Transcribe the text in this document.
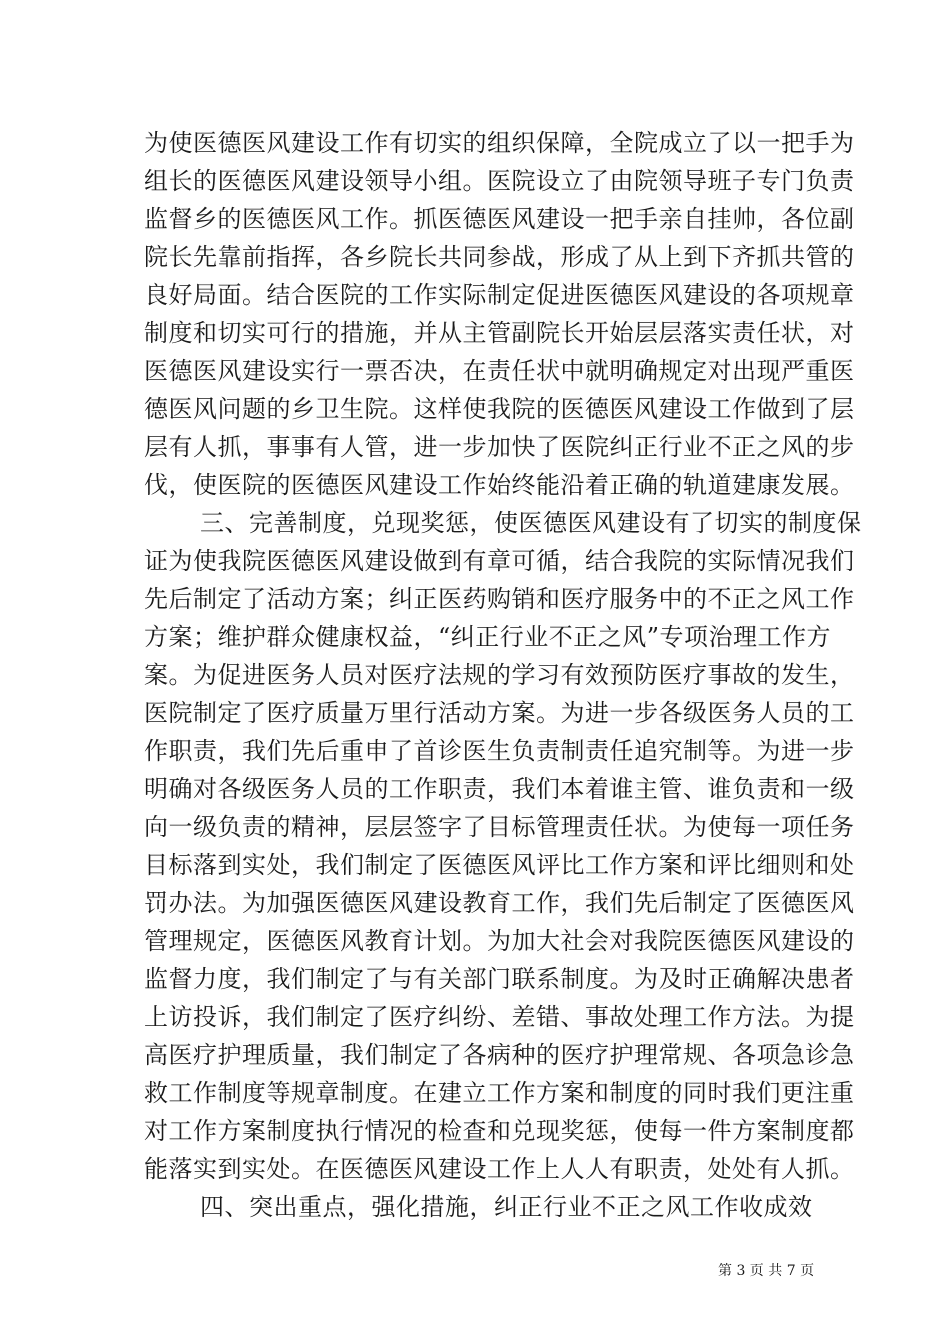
为使医德医风建设工作有切实的组织保障，全院成立了以一把手为
组长的医德医风建设领导小组。医院设立了由院领导班子专门负责
监督乡的医德医风工作。抓医德医风建设一把手亲自挂帅，各位副
院长先靠前指挥，各乡院长共同参战，形成了从上到下齐抓共管的
良好局面。结合医院的工作实际制定促进医德医风建设的各项规章
制度和切实可行的措施，并从主管副院长开始层层落实责任状，对
医德医风建设实行一票否决，在责任状中就明确规定对出现严重医
德医风问题的乡卫生院。这样使我院的医德医风建设工作做到了层
层有人抓，事事有人管，进一步加快了医院纠正行业不正之风的步
伐，使医院的医德医风建设工作始终能沿着正确的轨道建康发展。
三、完善制度，兑现奖惩，使医德医风建设有了切实的制度保
证为使我院医德医风建设做到有章可循，结合我院的实际情况我们
先后制定了活动方案；纠正医药购销和医疗服务中的不正之风工作
方案；维护群众健康权益，“纠正行业不正之风”专项治理工作方
案。为促进医务人员对医疗法规的学习有效预防医疗事故的发生，
医院制定了医疗质量万里行活动方案。为进一步各级医务人员的工
作职责，我们先后重申了首诊医生负责制责任追究制等。为进一步
明确对各级医务人员的工作职责，我们本着谁主管、谁负责和一级
向一级负责的精神，层层签字了目标管理责任状。为使每一项任务
目标落到实处，我们制定了医德医风评比工作方案和评比细则和处
罚办法。为加强医德医风建设教育工作，我们先后制定了医德医风
管理规定，医德医风教育计划。为加大社会对我院医德医风建设的
监督力度，我们制定了与有关部门联系制度。为及时正确解决患者
上访投诉，我们制定了医疗纠纷、差错、事故处理工作方法。为提
高医疗护理质量，我们制定了各病种的医疗护理常规、各项急诊急
救工作制度等规章制度。在建立工作方案和制度的同时我们更注重
对工作方案制度执行情况的检查和兑现奖惩，使每一件方案制度都
能落实到实处。在医德医风建设工作上人人有职责，处处有人抓。
四、突出重点，强化措施，纠正行业不正之风工作收成效
第 3 页 共 7 页
